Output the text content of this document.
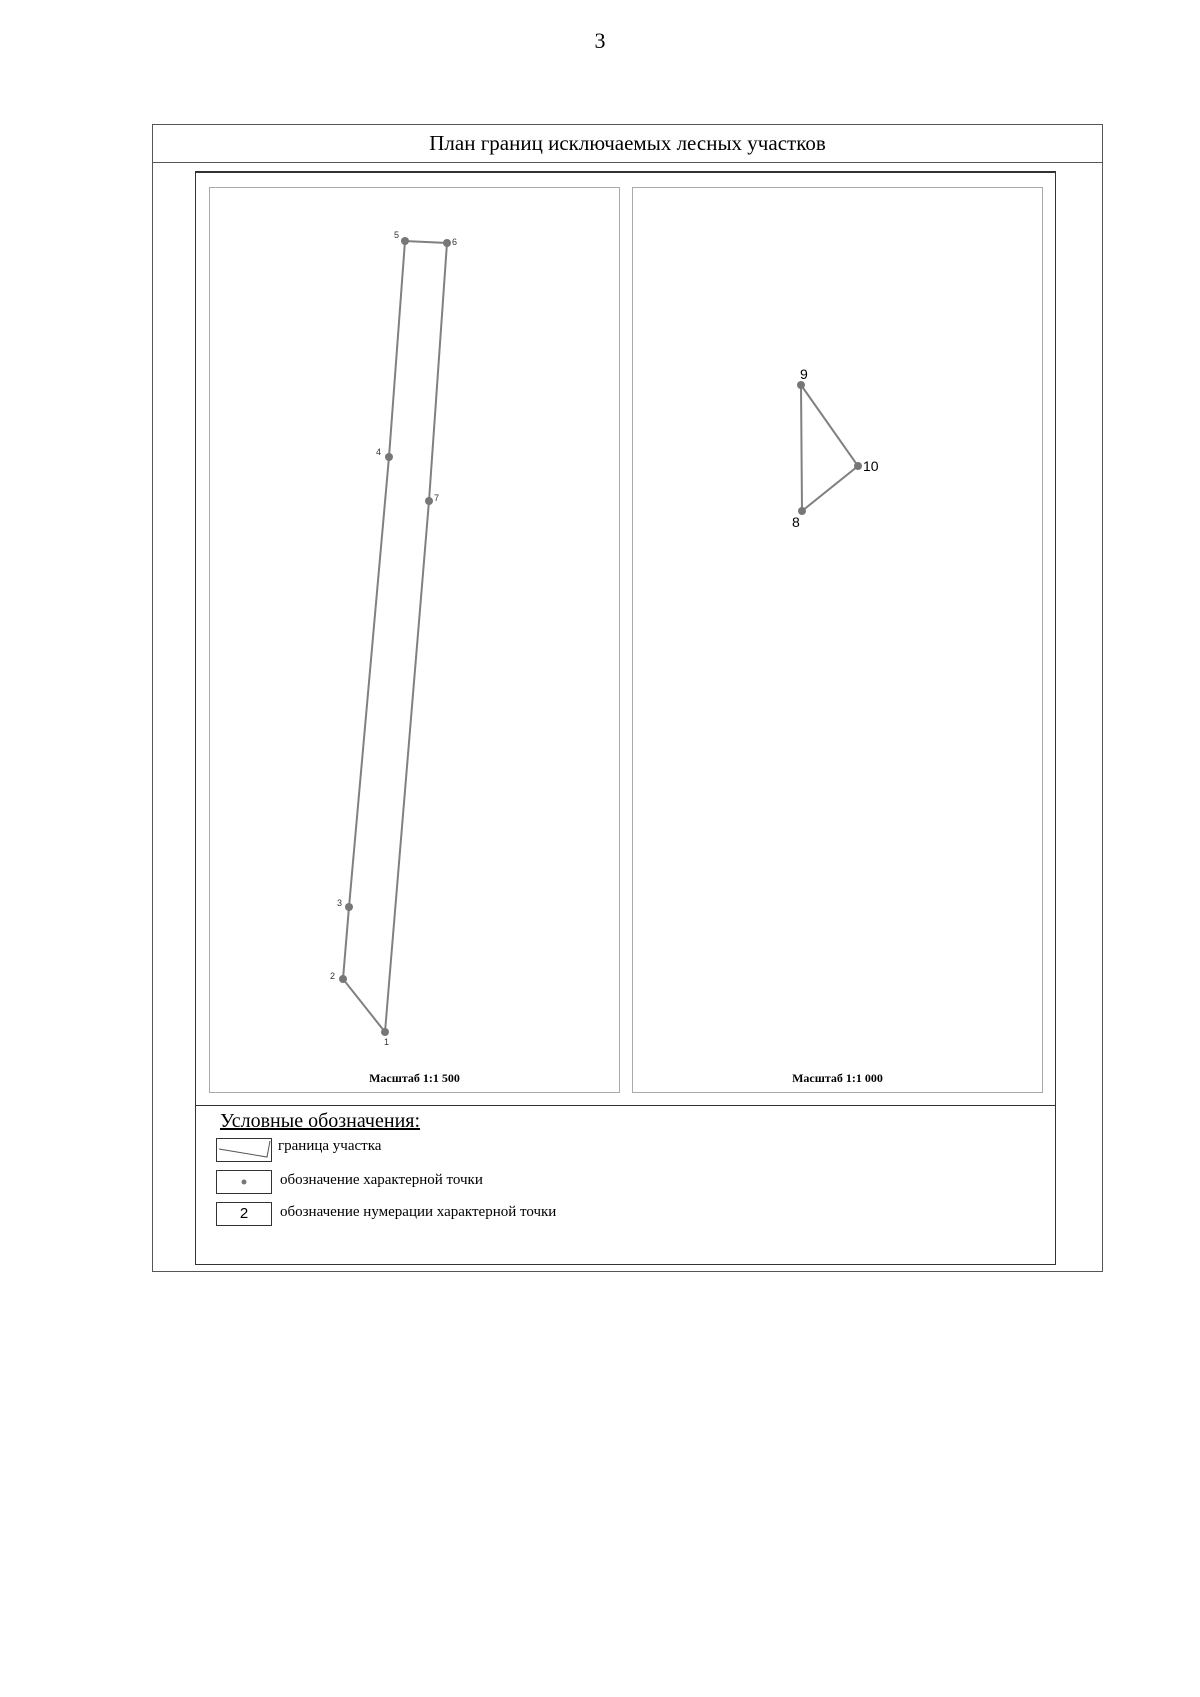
3
План границ исключаемых лесных участков
1
2
3
4
5
6
7
Масштаб 1:1 500
8
9
10
Масштаб 1:1 000
Условные обозначения:
граница участка
обозначение характерной точки
2	обозначение нумерации характерной точки
